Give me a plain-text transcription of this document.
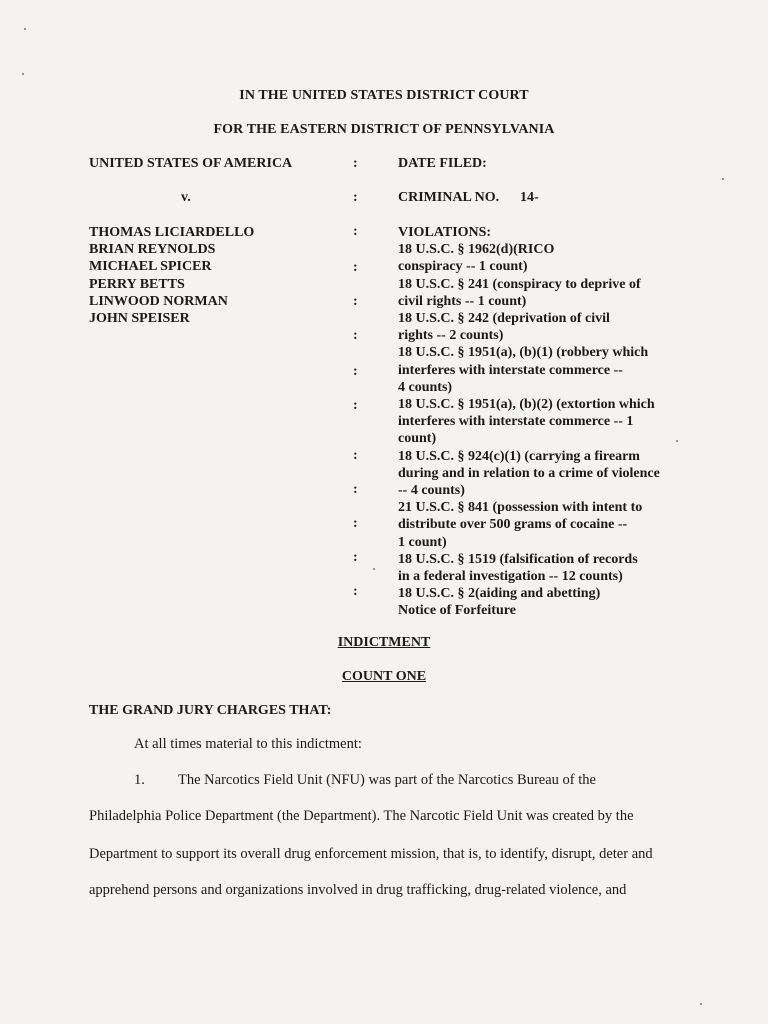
IN THE UNITED STATES DISTRICT COURT
FOR THE EASTERN DISTRICT OF PENNSYLVANIA
UNITED STATES OF AMERICA
v.
DATE FILED:
CRIMINAL NO. 14-
:
:
:
:
:
:
:
:
:
:
:
:
:
THOMAS LICIARDELLO
BRIAN REYNOLDS
MICHAEL SPICER
PERRY BETTS
LINWOOD NORMAN
JOHN SPEISER
VIOLATIONS:
18 U.S.C. § 1962(d)(RICO
conspiracy -- 1 count)
18 U.S.C. § 241 (conspiracy to deprive of
civil rights -- 1 count)
18 U.S.C. § 242 (deprivation of civil
rights -- 2 counts)
18 U.S.C. § 1951(a), (b)(1) (robbery which
interferes with interstate commerce --
4 counts)
18 U.S.C. § 1951(a), (b)(2) (extortion which
interferes with interstate commerce -- 1
count)
18 U.S.C. § 924(c)(1) (carrying a firearm
during and in relation to a crime of violence
-- 4 counts)
21 U.S.C. § 841 (possession with intent to
distribute over 500 grams of cocaine --
1 count)
18 U.S.C. § 1519 (falsification of records
in a federal investigation -- 12 counts)
18 U.S.C. § 2(aiding and abetting)
Notice of Forfeiture
INDICTMENT
COUNT ONE
THE GRAND JURY CHARGES THAT:
At all times material to this indictment:
1. The Narcotics Field Unit (NFU) was part of the Narcotics Bureau of the
Philadelphia Police Department (the Department). The Narcotic Field Unit was created by the
Department to support its overall drug enforcement mission, that is, to identify, disrupt, deter and
apprehend persons and organizations involved in drug trafficking, drug-related violence, and
